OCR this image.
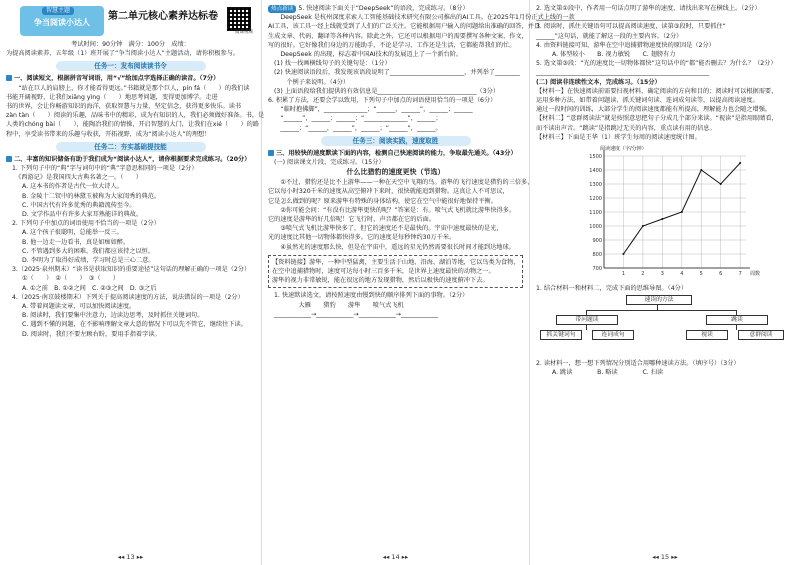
智慧主题
争当阅读小达人
第二单元核心素养达标卷
微课视频
考试时间：90分钟　满分：100分　成绩：
为提高阅读素养，五年级（1）班开展了“争当阅读小达人”主题活动，请你积极参与。
任务一：发布阅读读书令
一、阅读短文，根据拼音写词语，用“√”给加点字选择正确的读音。（7分）
　　“站在巨人的肩膀上，你才能看得更远。”书籍就是那个巨人，pín fá（　　）的我们读
书能开阔视野，让我们xiāng yìng（　　）地思考问题，变得更加博学。走进
书的世界，会让你畅游知识的海洋，获取智慧与力量，坚定信念，获得更多快乐。读书
zàn tàn（　　）阅读的乐趣，品味书中的精彩，成为有知识的人，我们必须做好准备。书，是
人类的chóng bài（　　），能陶冶我们的情操，开启智慧的大门，让我们在xié（　　）的路
程中，享受读书带来的乐趣与收获，开拓视野，成为“阅读小达人”的理想！
任务二：夯实基础提技能
二、丰富的知识储备有助于我们成为“阅读小达人”，请你根据要求完成练习。（20分）
1. 下列句子中的“典”字与词句中的“典”字意思相同的一项是（2分）
　《西游记》是我国四大古典名著之一。（　　）
A. 这本书的作者是古代一位大诗人。
B. 金陵十二钗中的林黛玉被称为大家闺秀的典范。
C. 中国古代有许多优秀的典籍流传至今。
D. 文学作品中有许多大家耳熟能详的典故。
2. 下列句子中加点的词语使用不恰当的一项是（2分）
A. 这个孩子很聪明，总能举一反三。
B. 他一边走一边看书，真是如痴如醉。
C. 不管遇到多大的困难，我们都应该持之以恒。
D. 李明为了取得好成绩，学习时总是三心二意。
3.（2025·泉州期末）“读书是获取知识的重要途径”这句话的理解正确的一项是（2分）
①（　　）　②（　　）　③（　　）
A. ①之前　B. ①②之间　C. ②③之间　D. ③之后
4.（2025·南京鼓楼期末）下列关于提高阅读速度的方法，说法错误的一项是（2分）
A. 带着问题读文章，可以加快阅读速度。
B. 阅读时，我们要集中注意力，边读边思考，及时抓住关键词句。
C. 遇到不懂的问题，在不影响理解文章大意的情况下可以先不管它，继续往下读。
D. 阅读时，我们不要左顾右盼，要用手指着字读。
◂◂ 13 ▸▸
热点新读 5. 快速阅读下面关于“DeepSeek”的语段，完成练习。（8分）
　　DeepSeek 是杭州深度求索人工智能基础技术研究有限公司推出的AI工具。在2025年1月份正式上线的一款
AI工具，该工具一经上线就受到了人们的广泛关注。它能根据用户输入的问题给出准确的回答，并且
生成文章、代码、翻译等各种内容。除此之外，它还可以根据用户的需要撰写各种文案、作文，
写的很好。它好像我们身边的万能助手，不论是学习、工作还是生活，它都能帮我们的忙。
　　DeepSeek 的出现，标志着中国AI技术的发展迈上了一个新台阶。
(1) 找一找画横线句子的关键句是：（1分）
(2) 快速阅读语段后，我发现该语段说明了________________________，并列举了________
　　个例子来说明。（4分）
(3) 上面语段给我们提供的有效信息是________________________________（3分）
6. 积累了方法，还要会学以致用，下列句子中加点的词语使用恰当的一项是（6分）
　　“临时抱佛脚”，______________；“______，______”，______；______
　　“______”，______；______；“______________”，______；
　　______；“______，______”，______；“______”，______。
任务三：阅读实践，速度取胜
三、用较快的速度默读下面的内容，检测自己快速阅读的能力，争取最先通关。（43分）
(一) 阅读课文片段，完成练习。（15分）
什么比猎豹的速度更快（节选）
　　①不过，猎豹还是比不上游隼——一种在天空中飞翔的鸟。游隼的飞行速度是猎豹的三倍多，
它以每小时320千米的速度从高空俯冲下来时，很快就能追到猎物。这真让人不可思议，
它是怎么做到的呢？原来游隼有特殊的身体结构，使它在空气中能很好地保持平衡。
　　②你可能会问：“有没有比游隼更快的呢？”答案是：有。喷气式飞机就比游隼快得多。
它的速度是游隼的好几倍呢！它飞行时，声音都在它的后面。
　　③喷气式飞机比游隼快多了，但它的速度还不是最快的。宇宙中速度最快的是光，
光的速度比其他一切物体都快得多。它的速度是每秒钟约30万千米。
　　④虽然光的速度那么快，但是在宇宙中，遥远的星光仍然需要很长时间才能到达地球。
【资料链接】游隼，一种中型猛禽，主要生活于山地、沿海、湖泊等地，它以鸟类为食物，
在空中追捕猎物时，速度可达每小时三百多千米，是世界上速度最快的动物之一。
游隼的视力非常敏锐，能在很远的地方发现猎物，然后以极快的速度俯冲下去。
1. 快速默读选文，请按照速度由慢到快的顺序排列下面的事物。（2分）
　　　大雁　　猎豹　　游隼　　喷气式飞机
____________→____________→____________→____________
◂◂ 14 ▸▸
2. 选文第①段中，作者用一句话点明了游隼的速度，请找出来写在横线上。（2分）
________________________________________________________
3. 阅读时，抓住关键语句可以提高阅读速度，读第③段时，只要抓住“
______”这句话，就能了解这一段的主要内容。（2分）
4. 由资料链接可知，游隼在空中追捕猎物速度快的原因是（2分）
A. 体型较小　　B. 视力敏锐　　C. 翅膀有力
5. 选文第③段：“光的速度比一切物体都快”这句话中的“都”能否删去？为什么？（2分）
________________________________________________________
(二) 阅读非连续性文本，完成练习。（15分）
【材料一】在快速阅读前需要扫视材料，确定阅读的方向和目的；阅读时可以根据需要，
运用多种方法，如带着问题读、抓关键词句读、连词成句读等，以提高阅读速度。
通过一段时间的训练，大部分学生的阅读速度都能有所提高，理解能力也会随之增强。
【材料二】“意群阅读法”就是按照意思把句子分成几个部分来读。“视读”是指用眼睛看，
而不读出声音。“跳读”是指跳过无关的内容，重点读有用的信息。
【材料三】下面是王华（1）班学生每周的阅读速度统计图。
700
800
900
1000
1100
1200
1300
1400
1500
1	2	3	4	5	6	7
阅读速度（字/分钟）
周数
1. 结合材料一和材料二，完成下面的思维导图。（4分）
速读的方法
带问题读	跳读
抓关键词句	连词成句	视读	意群阅读
2. 读材料一，想一想下列情况分别适合用哪种速读方法。（填序号）（3分）
A. 跳读　　　　B. 略读　　　　C. 扫读
◂◂ 15 ▸▸
